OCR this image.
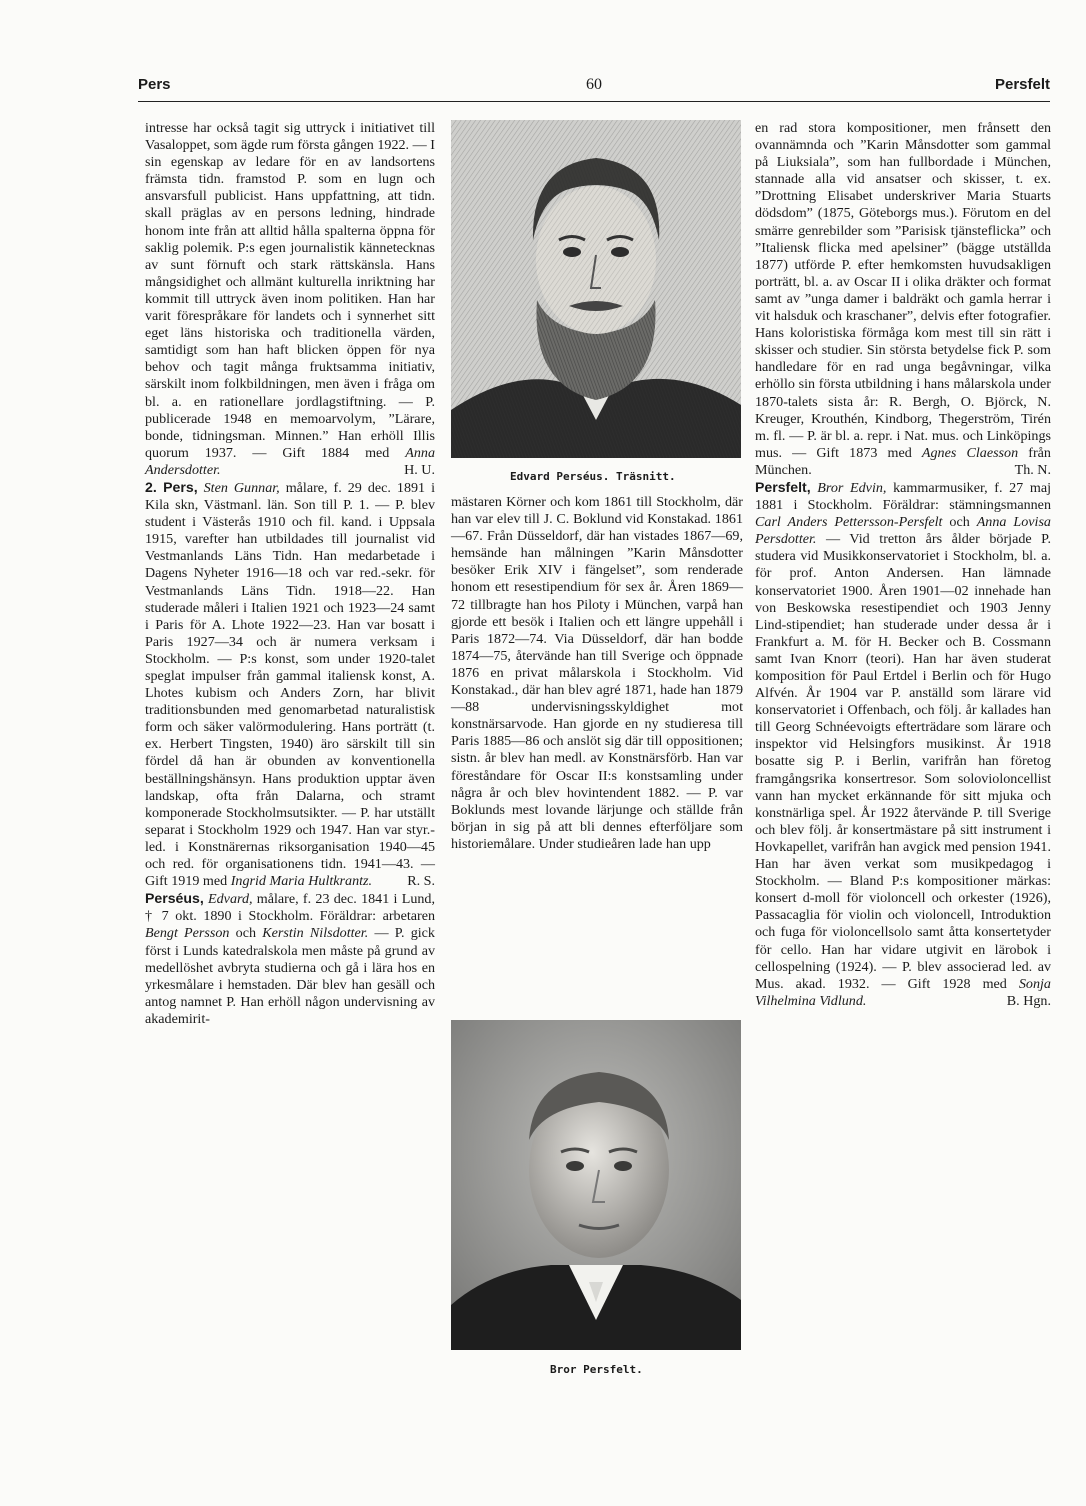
Pers	60	Persfelt

intresse har också tagit sig uttryck i initiativet till Vasaloppet, som ägde rum första gången 1922. — I sin egenskap av ledare för en av landsortens främsta tidn. framstod P. som en lugn och ansvarsfull publicist. Hans uppfattning, att tidn. skall präglas av en persons ledning, hindrade honom inte från att alltid hålla spalterna öppna för saklig polemik. P:s egen journalistik kännetecknas av sunt förnuft och stark rättskänsla. Hans mångsidighet och allmänt kulturella inriktning har kommit till uttryck även inom politiken. Han har varit förespråkare för landets och i synnerhet sitt eget läns historiska och traditionella värden, samtidigt som han haft blicken öppen för nya behov och tagit många fruktsamma initiativ, särskilt inom folkbildningen, men även i fråga om bl. a. en rationellare jordlagstiftning. — P. publicerade 1948 en memoarvolym, ”Lärare, bonde, tidningsman. Minnen.” Han erhöll Illis quorum 1937. — Gift 1884 med Anna Andersdotter.	H. U.

2. Pers, Sten Gunnar, målare, f. 29 dec. 1891 i Kila skn, Västmanl. län. Son till P. 1. — P. blev student i Västerås 1910 och fil. kand. i Uppsala 1915, varefter han utbildades till journalist vid Vestmanlands Läns Tidn. Han medarbetade i Dagens Nyheter 1916—18 och var red.-sekr. för Vestmanlands Läns Tidn. 1918—22. Han studerade måleri i Italien 1921 och 1923—24 samt i Paris för A. Lhote 1922—23. Han var bosatt i Paris 1927—34 och är numera verksam i Stockholm. — P:s konst, som under 1920-talet speglat impulser från gammal italiensk konst, A. Lhotes kubism och Anders Zorn, har blivit traditionsbunden med genomarbetad naturalistisk form och säker valörmodulering. Hans porträtt (t. ex. Herbert Tingsten, 1940) äro särskilt till sin fördel då han är obunden av konventionella beställningshänsyn. Hans produktion upptar även landskap, ofta från Dalarna, och stramt komponerade Stockholmsutsikter. — P. har utställt separat i Stockholm 1929 och 1947. Han var styr.-led. i Konstnärernas riksorganisation 1940—45 och red. för organisationens tidn. 1941—43. — Gift 1919 med Ingrid Maria Hultkrantz. R. S.

Perséus, Edvard, målare, f. 23 dec. 1841 i Lund, † 7 okt. 1890 i Stockholm. Föräldrar: arbetaren Bengt Persson och Kerstin Nilsdotter. — P. gick först i Lunds katedralskola men måste på grund av medellöshet avbryta studierna och gå i lära hos en yrkesmålare i hemstaden. Där blev han gesäll och antog namnet P. Han erhöll någon undervisning av akademirit-

Edvard Perséus. Träsnitt.

mästaren Körner och kom 1861 till Stockholm, där han var elev till J. C. Boklund vid Konstakad. 1861—67. Från Düsseldorf, där han vistades 1867—69, hemsände han målningen ”Karin Månsdotter besöker Erik XIV i fängelset”, som renderade honom ett resestipendium för sex år. Åren 1869—72 tillbragte han hos Piloty i München, varpå han gjorde ett besök i Italien och ett längre uppehåll i Paris 1872—74. Via Düsseldorf, där han bodde 1874—75, återvände han till Sverige och öppnade 1876 en privat målarskola i Stockholm. Vid Konstakad., där han blev agré 1871, hade han 1879—88 undervisningsskyldighet mot konstnärsarvode. Han gjorde en ny studieresa till Paris 1885—86 och anslöt sig där till oppositionen; sistn. år blev han medl. av Konstnärsförb. Han var föreståndare för Oscar II:s konstsamling under några år och blev hovintendent 1882. — P. var Boklunds mest lovande lärjunge och ställde från början in sig på att bli dennes efterföljare som historiemålare. Under studieåren lade han upp

Bror Persfelt.

en rad stora kompositioner, men frånsett den ovannämnda och ”Karin Månsdotter som gammal på Liuksiala”, som han fullbordade i München, stannade alla vid ansatser och skisser, t. ex. ”Drottning Elisabet underskriver Maria Stuarts dödsdom” (1875, Göteborgs mus.). Förutom en del smärre genrebilder som ”Parisisk tjänsteflicka” och ”Italiensk flicka med apelsiner” (bägge utställda 1877) utförde P. efter hemkomsten huvudsakligen porträtt, bl. a. av Oscar II i olika dräkter och format samt av ”unga damer i baldräkt och gamla herrar i vit halsduk och kraschaner”, delvis efter fotografier. Hans koloristiska förmåga kom mest till sin rätt i skisser och studier. Sin största betydelse fick P. som handledare för en rad unga begåvningar, vilka erhöllo sin första utbildning i hans målarskola under 1870-talets sista år: R. Bergh, O. Björck, N. Kreuger, Krouthén, Kindborg, Thegerström, Tirén m. fl. — P. är bl. a. repr. i Nat. mus. och Linköpings mus. — Gift 1873 med Agnes Claesson från München.	Th. N.

Persfelt, Bror Edvin, kammarmusiker, f. 27 maj 1881 i Stockholm. Föräldrar: stämningsmannen Carl Anders Pettersson-Persfelt och Anna Lovisa Persdotter. — Vid tretton års ålder började P. studera vid Musikkonservatoriet i Stockholm, bl. a. för prof. Anton Andersen. Han lämnade konservatoriet 1900. Åren 1901—02 innehade han von Beskowska resestipendiet och 1903 Jenny Lind-stipendiet; han studerade under dessa år i Frankfurt a. M. för H. Becker och B. Cossmann samt Ivan Knorr (teori). Han har även studerat komposition för Paul Ertdel i Berlin och för Hugo Alfvén. År 1904 var P. anställd som lärare vid konservatoriet i Offenbach, och följ. år kallades han till Georg Schnéevoigts efterträdare som lärare och inspektor vid Helsingfors musikinst. År 1918 bosatte sig P. i Berlin, varifrån han företog framgångsrika konsertresor. Som solovioloncellist vann han mycket erkännande för sitt mjuka och konstnärliga spel. År 1922 återvände P. till Sverige och blev följ. år konsertmästare på sitt instrument i Hovkapellet, varifrån han avgick med pension 1941. Han har även verkat som musikpedagog i Stockholm. — Bland P:s kompositioner märkas: konsert d-moll för violoncell och orkester (1926), Passacaglia för violin och violoncell, Introduktion och fuga för violoncellsolo samt åtta konsertetyder för cello. Han har vidare utgivit en lärobok i cellospelning (1924). — P. blev associerad led. av Mus. akad. 1932. — Gift 1928 med Sonja Vilhelmina Vidlund.	B. Hgn.
